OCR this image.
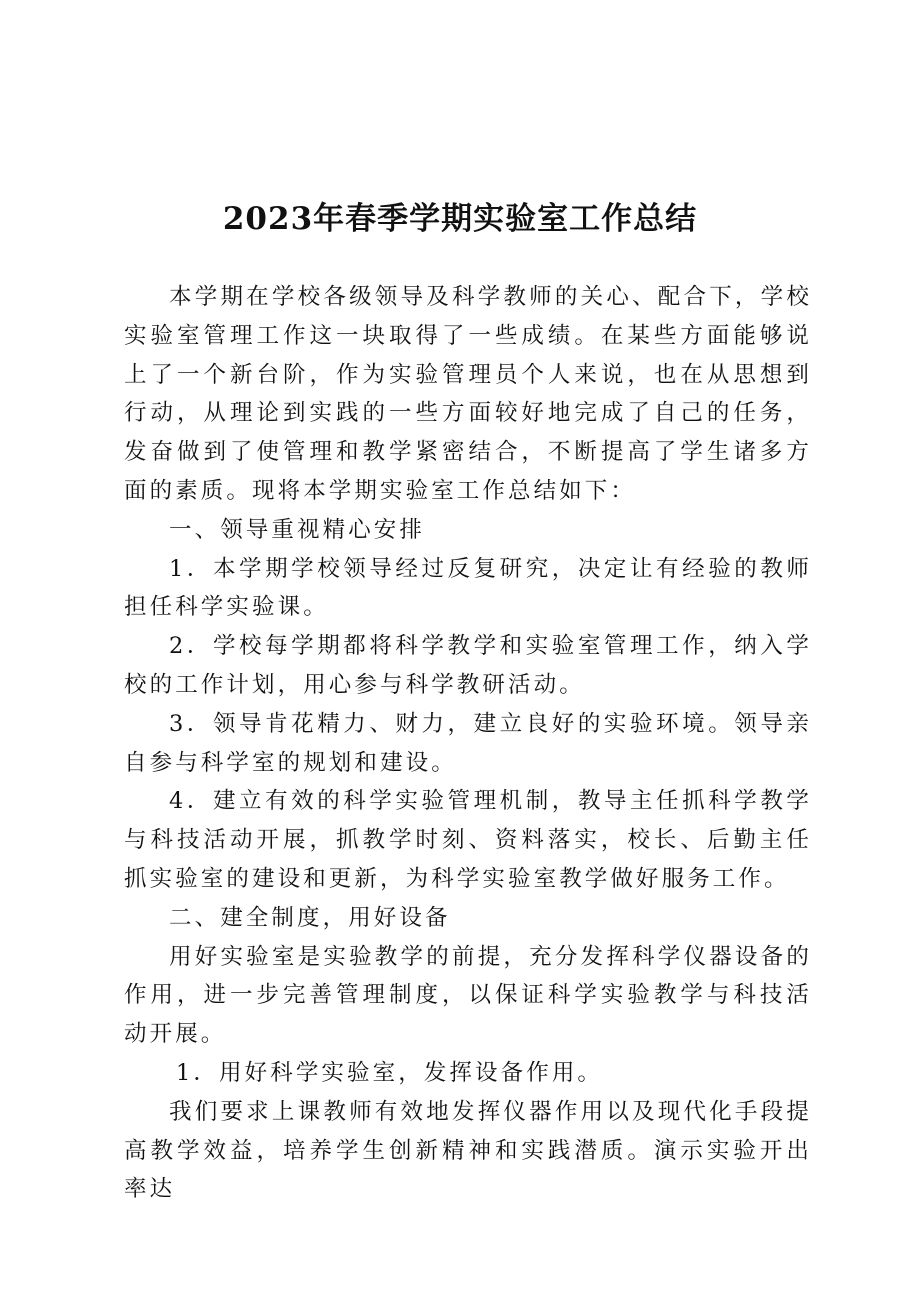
2023年春季学期实验室工作总结

本学期在学校各级领导及科学教师的关心、配合下，学校实验室管理工作这一块取得了一些成绩。在某些方面能够说上了一个新台阶，作为实验管理员个人来说，也在从思想到行动，从理论到实践的一些方面较好地完成了自己的任务，发奋做到了使管理和教学紧密结合，不断提高了学生诸多方面的素质。现将本学期实验室工作总结如下：

一、领导重视精心安排

1．本学期学校领导经过反复研究，决定让有经验的教师担任科学实验课。

2．学校每学期都将科学教学和实验室管理工作，纳入学校的工作计划，用心参与科学教研活动。

3．领导肯花精力、财力，建立良好的实验环境。领导亲自参与科学室的规划和建设。

4．建立有效的科学实验管理机制，教导主任抓科学教学与科技活动开展，抓教学时刻、资料落实，校长、后勤主任抓实验室的建设和更新，为科学实验室教学做好服务工作。

二、建全制度，用好设备

用好实验室是实验教学的前提，充分发挥科学仪器设备的作用，进一步完善管理制度，以保证科学实验教学与科技活动开展。

1．用好科学实验室，发挥设备作用。

我们要求上课教师有效地发挥仪器作用以及现代化手段提高教学效益，培养学生创新精神和实践潜质。演示实验开出率达
